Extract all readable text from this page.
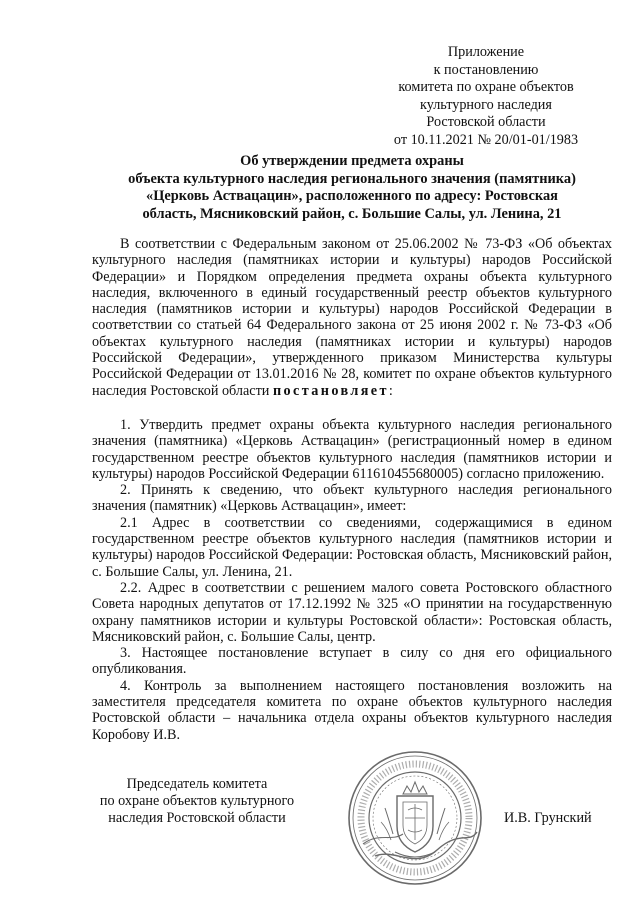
Приложение
к постановлению
комитета по охране объектов
культурного наследия
Ростовской области
от 10.11.2021 № 20/01-01/1983
Об утверждении предмета охраны
объекта культурного наследия регионального значения (памятника)
«Церковь Аствацацин», расположенного по адресу: Ростовская
область, Мясниковский район, с. Большие Салы, ул. Ленина, 21

В соответствии с Федеральным законом от 25.06.2002 № 73-ФЗ «Об объектах культурного наследия (памятниках истории и культуры) народов Российской Федерации» и Порядком определения предмета охраны объекта культурного наследия, включенного в единый государственный реестр объектов культурного наследия (памятников истории и культуры) народов Российской Федерации в соответствии со статьей 64 Федерального закона от 25 июня 2002 г. № 73-ФЗ «Об объектах культурного наследия (памятниках истории и культуры) народов Российской Федерации», утвержденного приказом Министерства культуры Российской Федерации от 13.01.2016 № 28, комитет по охране объектов культурного наследия Ростовской области постановляет:

1. Утвердить предмет охраны объекта культурного наследия регионального значения (памятника) «Церковь Аствацацин» (регистрационный номер в едином государственном реестре объектов культурного наследия (памятников истории и культуры) народов Российской Федерации 611610455680005) согласно приложению.

2. Принять к сведению, что объект культурного наследия регионального значения (памятник) «Церковь Аствацацин», имеет:

2.1 Адрес в соответствии со сведениями, содержащимися в едином государственном реестре объектов культурного наследия (памятников истории и культуры) народов Российской Федерации: Ростовская область, Мясниковский район, с. Большие Салы, ул. Ленина, 21.

2.2. Адрес в соответствии с решением малого совета Ростовского областного Совета народных депутатов от 17.12.1992 № 325 «О принятии на государственную охрану памятников истории и культуры Ростовской области»: Ростовская область, Мясниковский район, с. Большие Салы, центр.

3. Настоящее постановление вступает в силу со дня его официального опубликования.

4. Контроль за выполнением настоящего постановления возложить на заместителя председателя комитета по охране объектов культурного наследия Ростовской области – начальника отдела охраны объектов культурного наследия Коробову И.В.

Председатель комитета
по охране объектов культурного
наследия Ростовской области	И.В. Грунский
